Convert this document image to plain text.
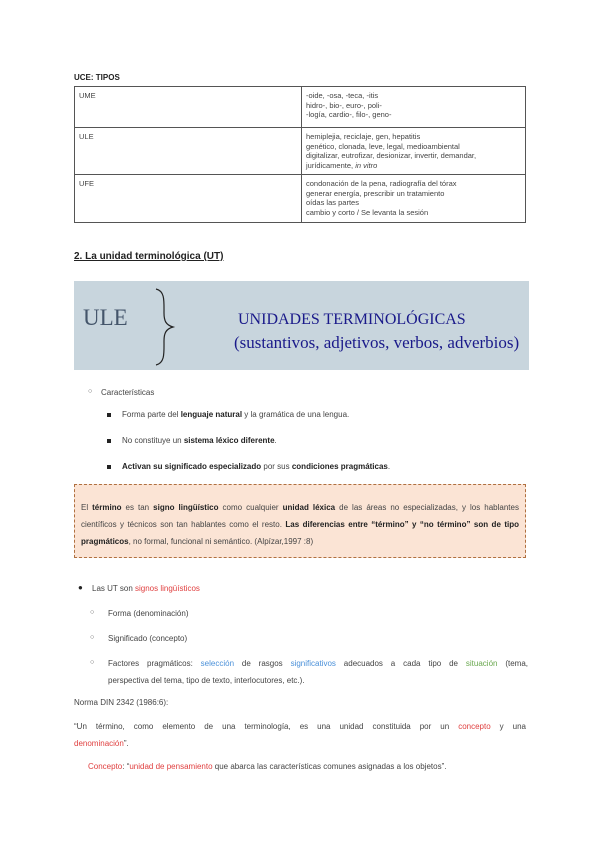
UCE: TIPOS
UME	-oide, -osa, -teca, -itis
hidro-, bio-, euro-, poli-
-logía, cardio-, filo-, geno-

ULE	hemiplejia, reciclaje, gen, hepatitis
genético, clonada, leve, legal, medioambiental
digitalizar, eutrofizar, desionizar, invertir, demandar,
jurídicamente, in vitro

UFE	condonación de la pena, radiografía del tórax
generar energía, prescribir un tratamiento
oídas las partes
cambio y corto / Se levanta la sesión
2. La unidad terminológica (UT)
ULE	UNIDADES TERMINOLÓGICAS
(sustantivos, adjetivos, verbos, adverbios)
○ Características
Forma parte del lenguaje natural y la gramática de una lengua.
No constituye un sistema léxico diferente.
Activan su significado especializado por sus condiciones pragmáticas.
El término es tan signo lingüístico como cualquier unidad léxica de las áreas no especializadas, y los hablantes científicos y técnicos son tan hablantes como el resto. Las diferencias entre “término” y “no término” son de tipo pragmáticos, no formal, funcional ni semántico. (Alpízar,1997 :8)
● Las UT son signos lingüísticos
○ Forma (denominación)
○ Significado (concepto)
○ Factores pragmáticos: selección de rasgos significativos adecuados a cada tipo de situación (tema,
perspectiva del tema, tipo de texto, interlocutores, etc.).
Norma DIN 2342 (1986:6):
“Un término, como elemento de una terminología, es una unidad constituida por un concepto y una
denominación”.
Concepto: “unidad de pensamiento que abarca las características comunes asignadas a los objetos”.
